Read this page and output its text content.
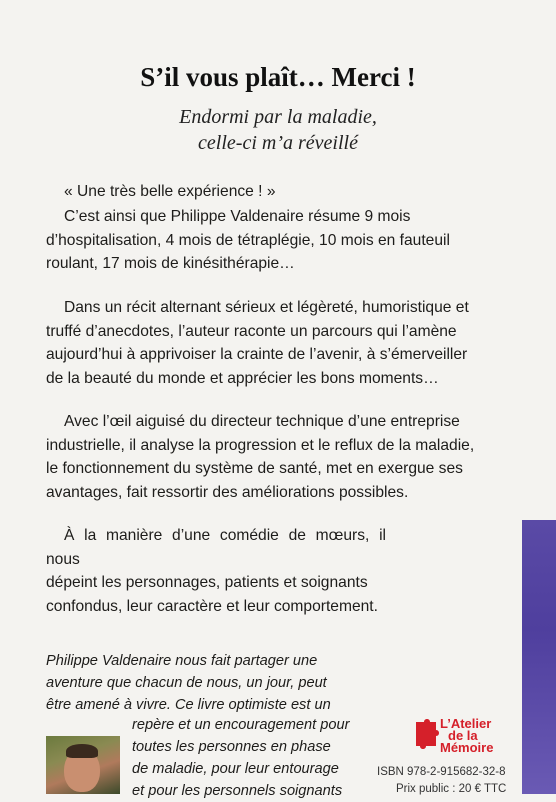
S’il vous plaît… Merci !
Endormi par la maladie,
celle-ci m’a réveillé
« Une très belle expérience ! »

C’est ainsi que Philippe Valdenaire résume 9 mois
d’hospitalisation, 4 mois de tétraplégie, 10 mois en fauteuil
roulant, 17 mois de kinésithérapie…

Dans un récit alternant sérieux et légèreté, humoristique et
truffé d’anecdotes, l’auteur raconte un parcours qui l’amène
aujourd’hui à apprivoiser la crainte de l’avenir, à s’émerveiller
de la beauté du monde et apprécier les bons moments…

Avec l’œil aiguisé du directeur technique d’une entreprise
industrielle, il analyse la progression et le reflux de la maladie,
le fonctionnement du système de santé, met en exergue ses
avantages, fait ressortir des améliorations possibles.

À la manière d’une comédie de mœurs, il nous
dépeint les personnages, patients et soignants
confondus, leur caractère et leur comportement.

Philippe Valdenaire nous fait partager une
aventure que chacun de nous, un jour, peut
être amené à vivre. Ce livre optimiste est un
repère et un encouragement pour
toutes les personnes en phase
de maladie, pour leur entourage
et pour les personnels soignants
L’Atelier
de la
Mémoire
ISBN 978-2-915682-32-8
Prix public : 20 € TTC
